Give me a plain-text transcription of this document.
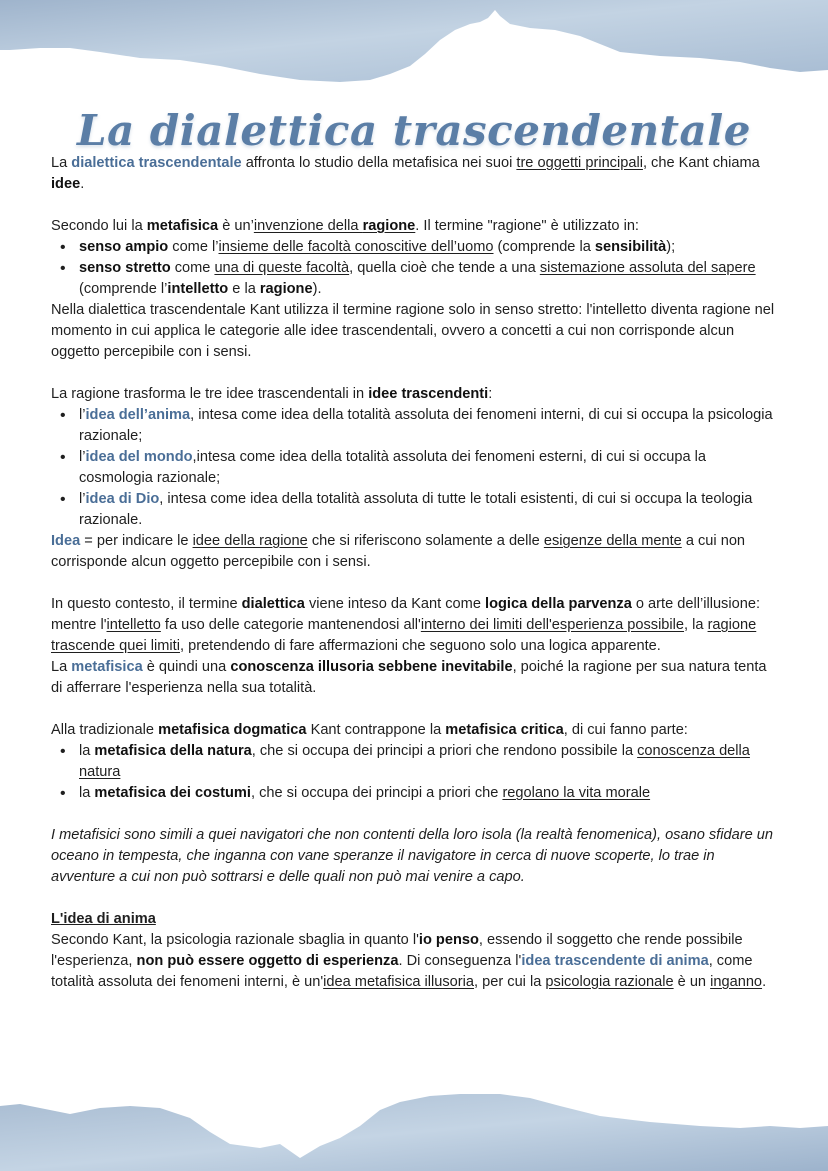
La dialettica trascendentale

La dialettica trascendentale affronta lo studio della metafisica nei suoi tre oggetti principali, che Kant chiama idee.

Secondo lui la metafisica è un’invenzione della ragione. Il termine "ragione" è utilizzato in:

• senso ampio come l’insieme delle facoltà conoscitive dell’uomo (comprende la sensibilità);
• senso stretto come una di queste facoltà, quella cioè che tende a una sistemazione assoluta del sapere (comprende l’intelletto e la ragione).

Nella dialettica trascendentale Kant utilizza il termine ragione solo in senso stretto: l'intelletto diventa ragione nel momento in cui applica le categorie alle idee trascendentali, ovvero a concetti a cui non corrisponde alcun oggetto percepibile con i sensi.

La ragione trasforma le tre idee trascendentali in idee trascendenti:

• l’idea dell’anima, intesa come idea della totalità assoluta dei fenomeni interni, di cui si occupa la psicologia razionale;
• l’idea del mondo,intesa come idea della totalità assoluta dei fenomeni esterni, di cui si occupa la cosmologia razionale;
• l’idea di Dio, intesa come idea della totalità assoluta di tutte le totali esistenti, di cui si occupa la teologia razionale.

Idea = per indicare le idee della ragione che si riferiscono solamente a delle esigenze della mente a cui non corrisponde alcun oggetto percepibile con i sensi.

In questo contesto, il termine dialettica viene inteso da Kant come logica della parvenza o arte dell’illusione: mentre l'intelletto fa uso delle categorie mantenendosi all'interno dei limiti dell'esperienza possibile, la ragione trascende quei limiti, pretendendo di fare affermazioni che seguono solo una logica apparente.

La metafisica è quindi una conoscenza illusoria sebbene inevitabile, poiché la ragione per sua natura tenta di afferrare l'esperienza nella sua totalità.

Alla tradizionale metafisica dogmatica Kant contrappone la metafisica critica, di cui fanno parte:

• la metafisica della natura, che si occupa dei principi a priori che rendono possibile la conoscenza della natura
• la metafisica dei costumi, che si occupa dei principi a priori che regolano la vita morale

I metafisici sono simili a quei navigatori che non contenti della loro isola (la realtà fenomenica), osano sfidare un oceano in tempesta, che inganna con vane speranze il navigatore in cerca di nuove scoperte, lo trae in avventure a cui non può sottrarsi e delle quali non può mai venire a capo.

L'idea di anima

Secondo Kant, la psicologia razionale sbaglia in quanto l'io penso, essendo il soggetto che rende possibile l'esperienza, non può essere oggetto di esperienza. Di conseguenza l'idea trascendente di anima, come totalità assoluta dei fenomeni interni, è un'idea metafisica illusoria, per cui la psicologia razionale è un inganno.
